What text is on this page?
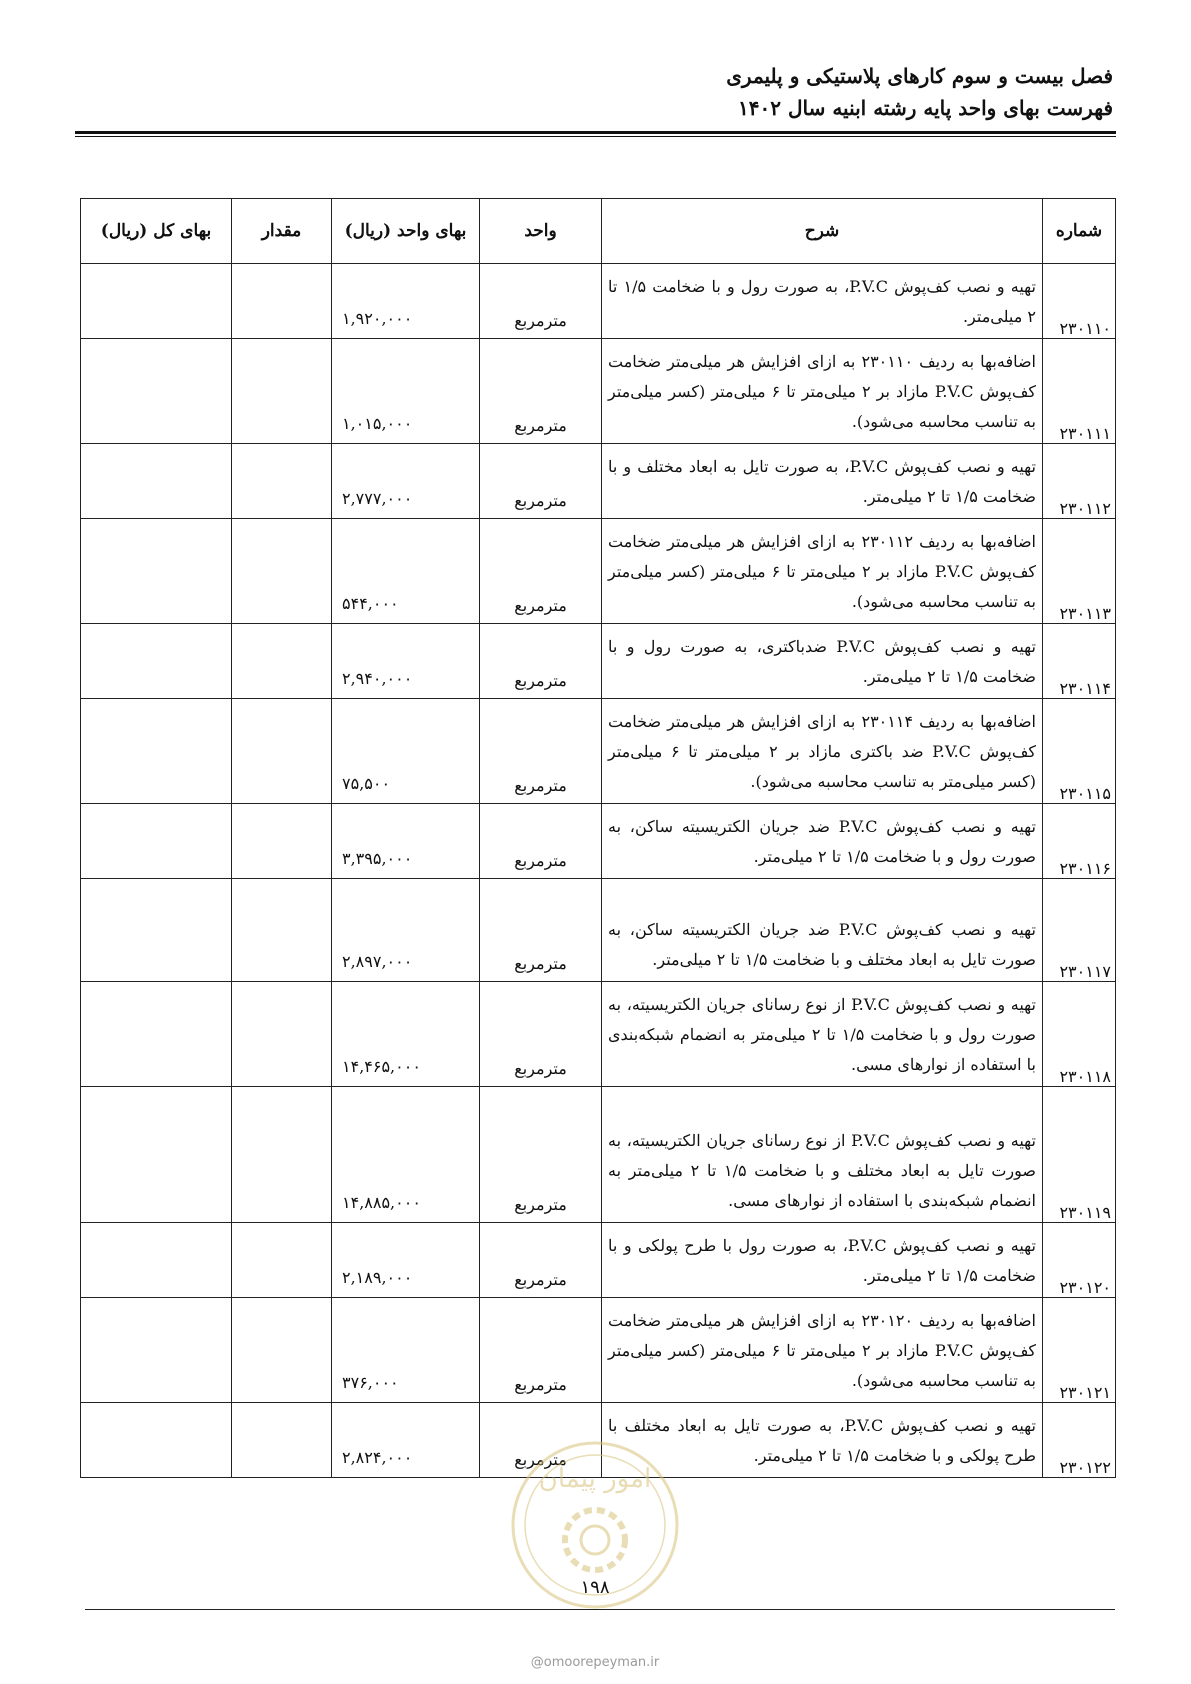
فصل بیست و سوم کارهای پلاستیکی و پلیمری
فهرست بهای واحد پایه رشته ابنیه سال ۱۴۰۲
شماره	شرح	واحد	بهای واحد (ریال)	مقدار	بهای کل (ریال)
۲۳۰۱۱۰	تهیه و نصب کف‌پوش P.V.C، به صورت رول و با ضخامت ۱/۵ تا ۲ میلی‌متر.	مترمربع	۱,۹۲۰,۰۰۰		
۲۳۰۱۱۱	اضافه‌بها به ردیف ۲۳۰۱۱۰ به ازای افزایش هر میلی‌متر ضخامت کف‌پوش P.V.C مازاد بر ۲ میلی‌متر تا ۶ میلی‌متر (کسر میلی‌متر به تناسب محاسبه می‌شود).	مترمربع	۱,۰۱۵,۰۰۰		
۲۳۰۱۱۲	تهیه و نصب کف‌پوش P.V.C، به صورت تایل به ابعاد مختلف و با ضخامت ۱/۵ تا ۲ میلی‌متر.	مترمربع	۲,۷۷۷,۰۰۰		
۲۳۰۱۱۳	اضافه‌بها به ردیف ۲۳۰۱۱۲ به ازای افزایش هر میلی‌متر ضخامت کف‌پوش P.V.C مازاد بر ۲ میلی‌متر تا ۶ میلی‌متر (کسر میلی‌متر به تناسب محاسبه می‌شود).	مترمربع	۵۴۴,۰۰۰		
۲۳۰۱۱۴	تهیه و نصب کف‌پوش P.V.C ضدباکتری، به صورت رول و با ضخامت ۱/۵ تا ۲ میلی‌متر.	مترمربع	۲,۹۴۰,۰۰۰		
۲۳۰۱۱۵	اضافه‌بها به ردیف ۲۳۰۱۱۴ به ازای افزایش هر میلی‌متر ضخامت کف‌پوش P.V.C ضد باکتری مازاد بر ۲ میلی‌متر تا ۶ میلی‌متر (کسر میلی‌متر به تناسب محاسبه می‌شود).	مترمربع	۷۵,۵۰۰		
۲۳۰۱۱۶	تهیه و نصب کف‌پوش P.V.C ضد جریان الکتریسیته ساکن، به صورت رول و با ضخامت ۱/۵ تا ۲ میلی‌متر.	مترمربع	۳,۳۹۵,۰۰۰		
۲۳۰۱۱۷	تهیه و نصب کف‌پوش P.V.C ضد جریان الکتریسیته ساکن، به صورت تایل به ابعاد مختلف و با ضخامت ۱/۵ تا ۲ میلی‌متر.	مترمربع	۲,۸۹۷,۰۰۰		
۲۳۰۱۱۸	تهیه و نصب کف‌پوش P.V.C از نوع رسانای جریان الکتریسیته، به صورت رول و با ضخامت ۱/۵ تا ۲ میلی‌متر به انضمام شبکه‌بندی با استفاده از نوارهای مسی.	مترمربع	۱۴,۴۶۵,۰۰۰		
۲۳۰۱۱۹	تهیه و نصب کف‌پوش P.V.C از نوع رسانای جریان الکتریسیته، به صورت تایل به ابعاد مختلف و با ضخامت ۱/۵ تا ۲ میلی‌متر به انضمام شبکه‌بندی با استفاده از نوارهای مسی.	مترمربع	۱۴,۸۸۵,۰۰۰		
۲۳۰۱۲۰	تهیه و نصب کف‌پوش P.V.C، به صورت رول با طرح پولکی و با ضخامت ۱/۵ تا ۲ میلی‌متر.	مترمربع	۲,۱۸۹,۰۰۰		
۲۳۰۱۲۱	اضافه‌بها به ردیف ۲۳۰۱۲۰ به ازای افزایش هر میلی‌متر ضخامت کف‌پوش P.V.C مازاد بر ۲ میلی‌متر تا ۶ میلی‌متر (کسر میلی‌متر به تناسب محاسبه می‌شود).	مترمربع	۳۷۶,۰۰۰		
۲۳۰۱۲۲	تهیه و نصب کف‌پوش P.V.C، به صورت تایل به ابعاد مختلف با طرح پولکی و با ضخامت ۱/۵ تا ۲ میلی‌متر.	مترمربع	۲,۸۲۴,۰۰۰		
امور پیمان
۱۹۸
@omoorepeyman.ir
